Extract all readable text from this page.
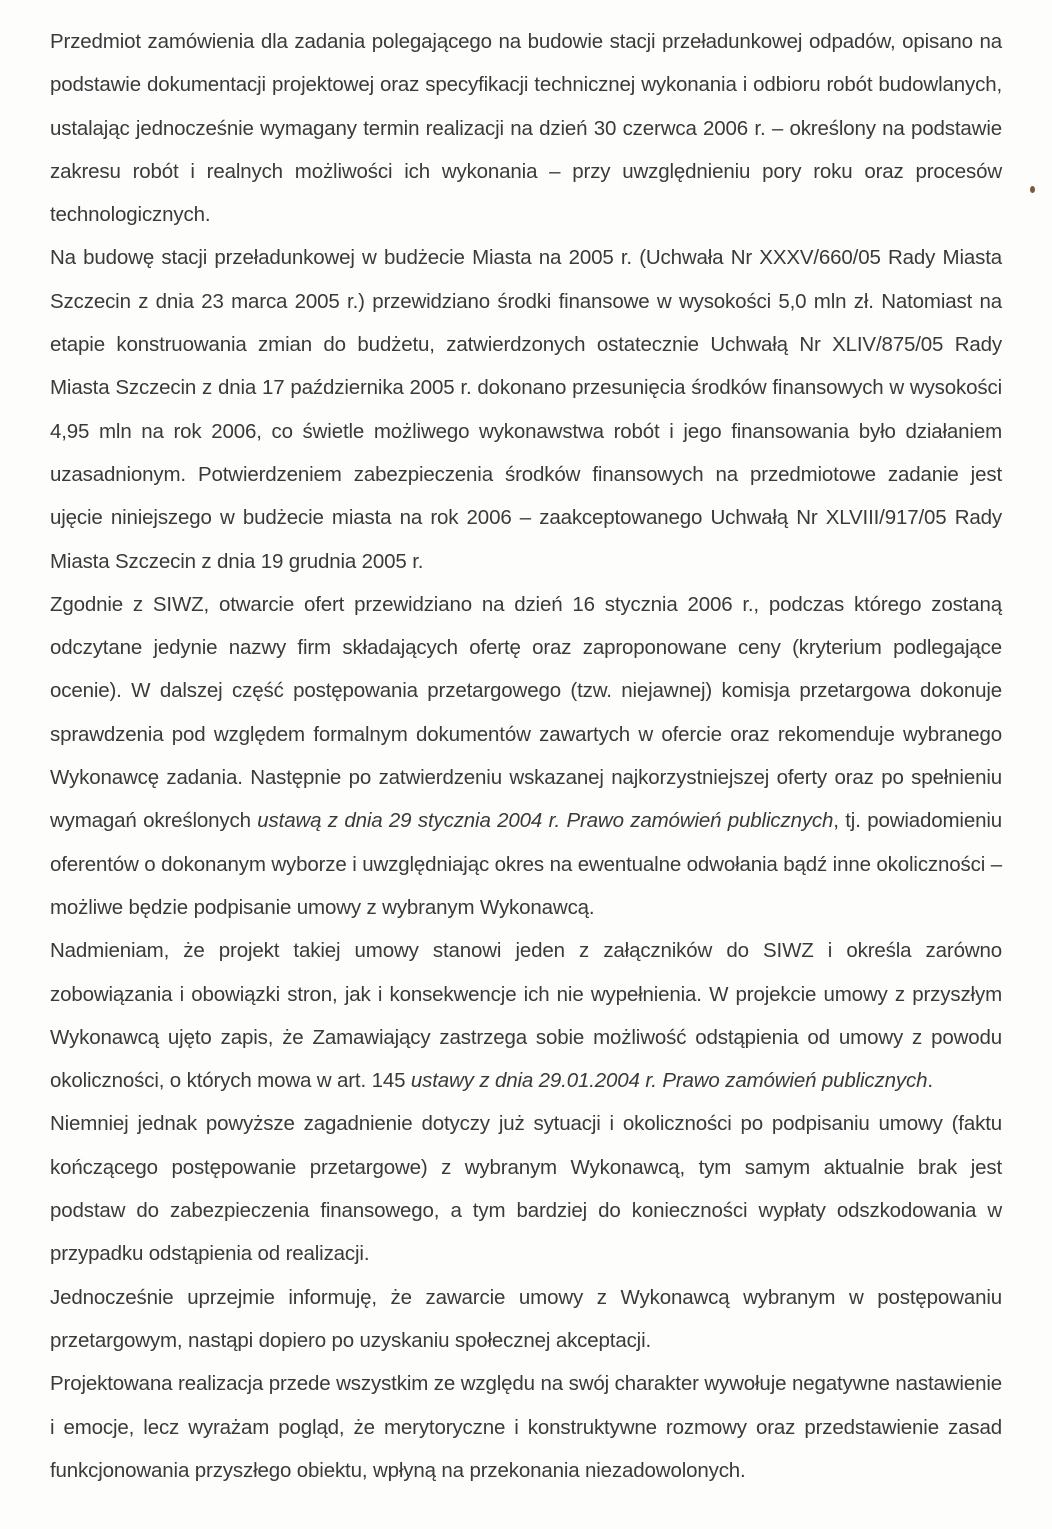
Przedmiot zamówienia dla zadania polegającego na budowie stacji przeładunkowej odpadów, opisano na podstawie dokumentacji projektowej oraz specyfikacji technicznej wykonania i odbioru robót budowlanych, ustalając jednocześnie wymagany termin realizacji na dzień 30 czerwca 2006 r. – określony na podstawie zakresu robót i realnych możliwości ich wykonania – przy uwzględnieniu pory roku oraz procesów technologicznych.

Na budowę stacji przeładunkowej w budżecie Miasta na 2005 r. (Uchwała Nr XXXV/660/05 Rady Miasta Szczecin z dnia 23 marca 2005 r.) przewidziano środki finansowe w wysokości 5,0 mln zł. Natomiast na etapie konstruowania zmian do budżetu, zatwierdzonych ostatecznie Uchwałą Nr XLIV/875/05 Rady Miasta Szczecin z dnia 17 października 2005 r. dokonano przesunięcia środków finansowych w wysokości 4,95 mln na rok 2006, co świetle możliwego wykonawstwa robót i jego finansowania było działaniem uzasadnionym. Potwierdzeniem zabezpieczenia środków finansowych na przedmiotowe zadanie jest ujęcie niniejszego w budżecie miasta na rok 2006 – zaakceptowanego Uchwałą Nr XLVIII/917/05 Rady Miasta Szczecin z dnia 19 grudnia 2005 r.

Zgodnie z SIWZ, otwarcie ofert przewidziano na dzień 16 stycznia 2006 r., podczas którego zostaną odczytane jedynie nazwy firm składających ofertę oraz zaproponowane ceny (kryterium podlegające ocenie). W dalszej część postępowania przetargowego (tzw. niejawnej) komisja przetargowa dokonuje sprawdzenia pod względem formalnym dokumentów zawartych w ofercie oraz rekomenduje wybranego Wykonawcę zadania. Następnie po zatwierdzeniu wskazanej najkorzystniejszej oferty oraz po spełnieniu wymagań określonych ustawą z dnia 29 stycznia 2004 r. Prawo zamówień publicznych, tj. powiadomieniu oferentów o dokonanym wyborze i uwzględniając okres na ewentualne odwołania bądź inne okoliczności – możliwe będzie podpisanie umowy z wybranym Wykonawcą.

Nadmieniam, że projekt takiej umowy stanowi jeden z załączników do SIWZ i określa zarówno zobowiązania i obowiązki stron, jak i konsekwencje ich nie wypełnienia. W projekcie umowy z przyszłym Wykonawcą ujęto zapis, że Zamawiający zastrzega sobie możliwość odstąpienia od umowy z powodu okoliczności, o których mowa w art. 145 ustawy z dnia 29.01.2004 r. Prawo zamówień publicznych.

Niemniej jednak powyższe zagadnienie dotyczy już sytuacji i okoliczności po podpisaniu umowy (faktu kończącego postępowanie przetargowe) z wybranym Wykonawcą, tym samym aktualnie brak jest podstaw do zabezpieczenia finansowego, a tym bardziej do konieczności wypłaty odszkodowania w przypadku odstąpienia od realizacji.

Jednocześnie uprzejmie informuję, że zawarcie umowy z Wykonawcą wybranym w postępowaniu przetargowym, nastąpi dopiero po uzyskaniu społecznej akceptacji.

Projektowana realizacja przede wszystkim ze względu na swój charakter wywołuje negatywne nastawienie i emocje, lecz wyrażam pogląd, że merytoryczne i konstruktywne rozmowy oraz przedstawienie zasad funkcjonowania przyszłego obiektu, wpłyną na przekonania niezadowolonych.
